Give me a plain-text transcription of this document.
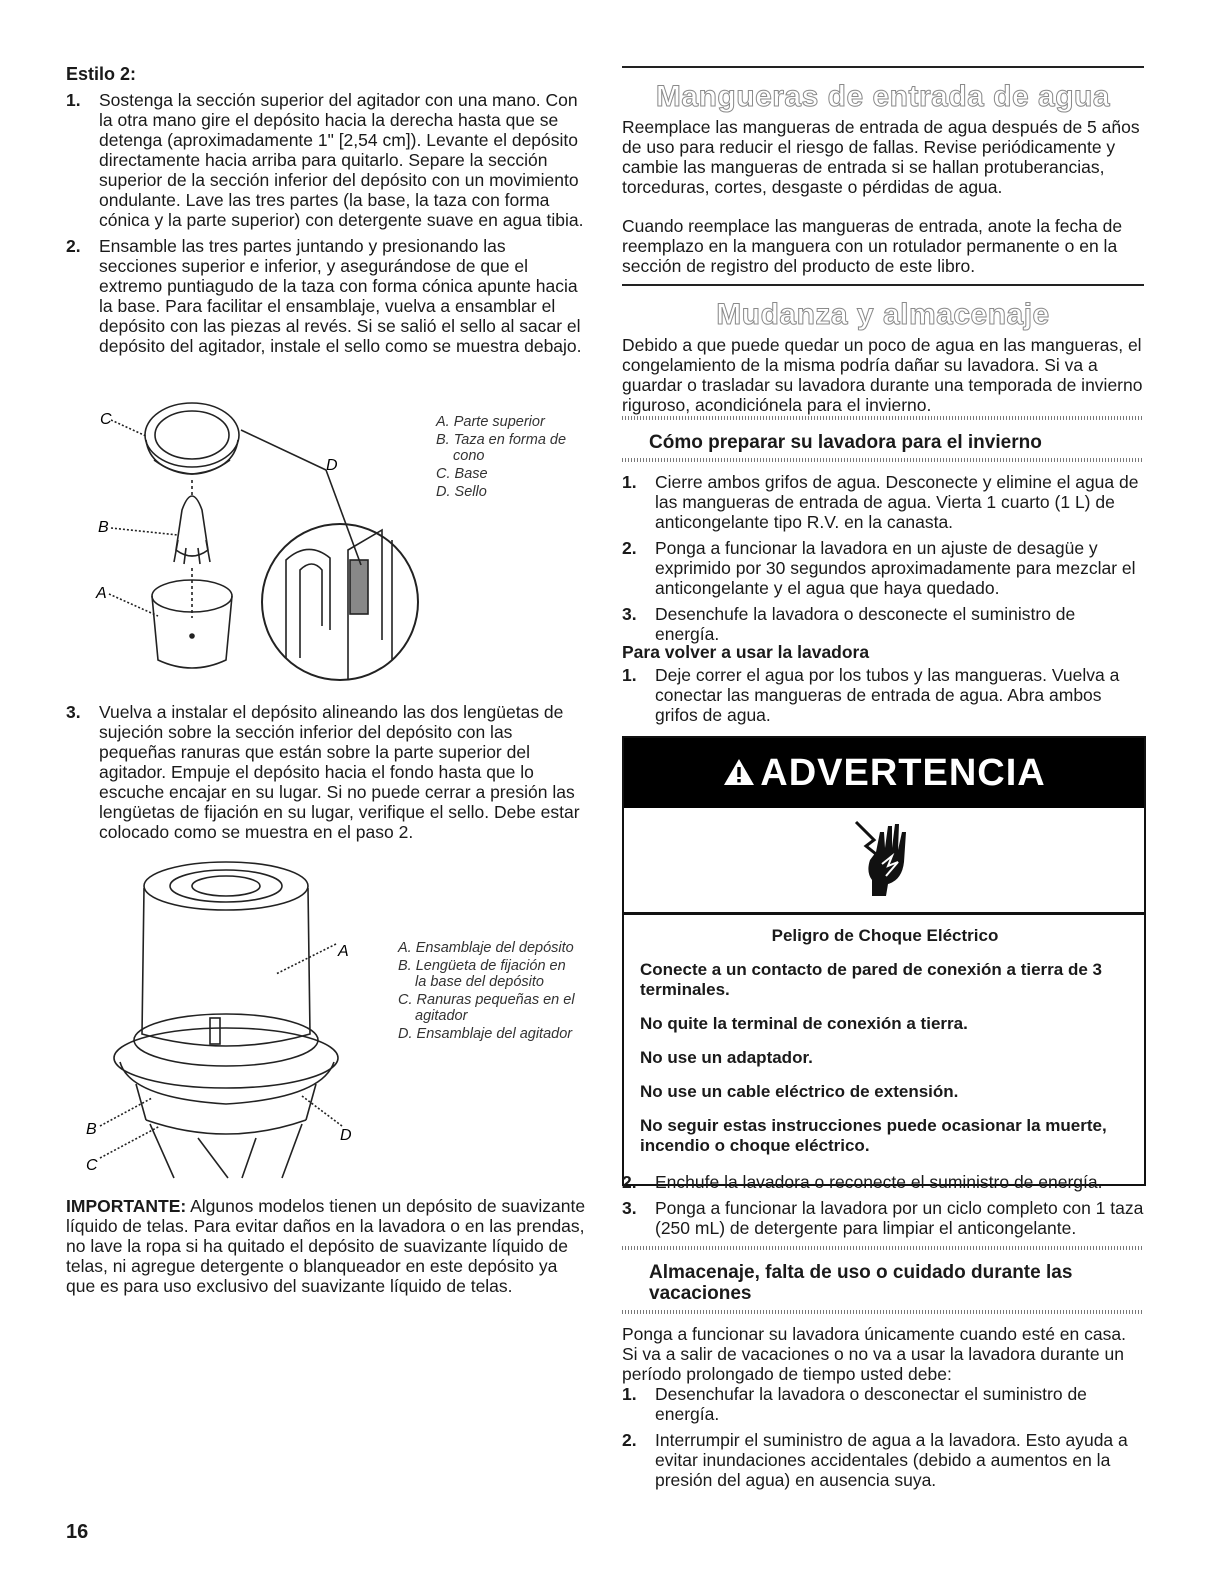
Estilo 2:
1. Sostenga la sección superior del agitador con una mano. Con la otra mano gire el depósito hacia la derecha hasta que se detenga (aproximadamente 1" [2,54 cm]). Levante el depósito directamente hacia arriba para quitarlo. Separe la sección superior de la sección inferior del depósito con un movimiento ondulante. Lave las tres partes (la base, la taza con forma cónica y la parte superior) con detergente suave en agua tibia.
2. Ensamble las tres partes juntando y presionando las secciones superior e inferior, y asegurándose de que el extremo puntiagudo de la taza con forma cónica apunte hacia la base. Para facilitar el ensamblaje, vuelva a ensamblar el depósito con las piezas al revés. Si se salió el sello al sacar el depósito del agitador, instale el sello como se muestra debajo.
C
B
A
D
A. Parte superior
B. Taza en forma de cono
C. Base
D. Sello
3. Vuelva a instalar el depósito alineando las dos lengüetas de sujeción sobre la sección inferior del depósito con las pequeñas ranuras que están sobre la parte superior del agitador. Empuje el depósito hacia el fondo hasta que lo escuche encajar en su lugar. Si no puede cerrar a presión las lengüetas de fijación en su lugar, verifique el sello. Debe estar colocado como se muestra en el paso 2.
A
B
C
D
A. Ensamblaje del depósito
B. Lengüeta de fijación en la base del depósito
C. Ranuras pequeñas en el agitador
D. Ensamblaje del agitador
IMPORTANTE: Algunos modelos tienen un depósito de suavizante líquido de telas. Para evitar daños en la lavadora o en las prendas, no lave la ropa si ha quitado el depósito de suavizante líquido de telas, ni agregue detergente o blanqueador en este depósito ya que es para uso exclusivo del suavizante líquido de telas.
Mangueras de entrada de agua
Reemplace las mangueras de entrada de agua después de 5 años de uso para reducir el riesgo de fallas. Revise periódicamente y cambie las mangueras de entrada si se hallan protuberancias, torceduras, cortes, desgaste o pérdidas de agua.
Cuando reemplace las mangueras de entrada, anote la fecha de reemplazo en la manguera con un rotulador permanente o en la sección de registro del producto de este libro.
Mudanza y almacenaje
Debido a que puede quedar un poco de agua en las mangueras, el congelamiento de la misma podría dañar su lavadora. Si va a guardar o trasladar su lavadora durante una temporada de invierno riguroso, acondiciónela para el invierno.
Cómo preparar su lavadora para el invierno
1. Cierre ambos grifos de agua. Desconecte y elimine el agua de las mangueras de entrada de agua. Vierta 1 cuarto (1 L) de anticongelante tipo R.V. en la canasta.
2. Ponga a funcionar la lavadora en un ajuste de desagüe y exprimido por 30 segundos aproximadamente para mezclar el anticongelante y el agua que haya quedado.
3. Desenchufe la lavadora o desconecte el suministro de energía.
Para volver a usar la lavadora
1. Deje correr el agua por los tubos y las mangueras. Vuelva a conectar las mangueras de entrada de agua. Abra ambos grifos de agua.
ADVERTENCIA
Peligro de Choque Eléctrico
Conecte a un contacto de pared de conexión a tierra de 3 terminales.
No quite la terminal de conexión a tierra.
No use un adaptador.
No use un cable eléctrico de extensión.
No seguir estas instrucciones puede ocasionar la muerte, incendio o choque eléctrico.
2. Enchufe la lavadora o reconecte el suministro de energía.
3. Ponga a funcionar la lavadora por un ciclo completo con 1 taza (250 mL) de detergente para limpiar el anticongelante.
Almacenaje, falta de uso o cuidado durante las vacaciones
Ponga a funcionar su lavadora únicamente cuando esté en casa. Si va a salir de vacaciones o no va a usar la lavadora durante un período prolongado de tiempo usted debe:
1. Desenchufar la lavadora o desconectar el suministro de energía.
2. Interrumpir el suministro de agua a la lavadora. Esto ayuda a evitar inundaciones accidentales (debido a aumentos en la presión del agua) en ausencia suya.
16
